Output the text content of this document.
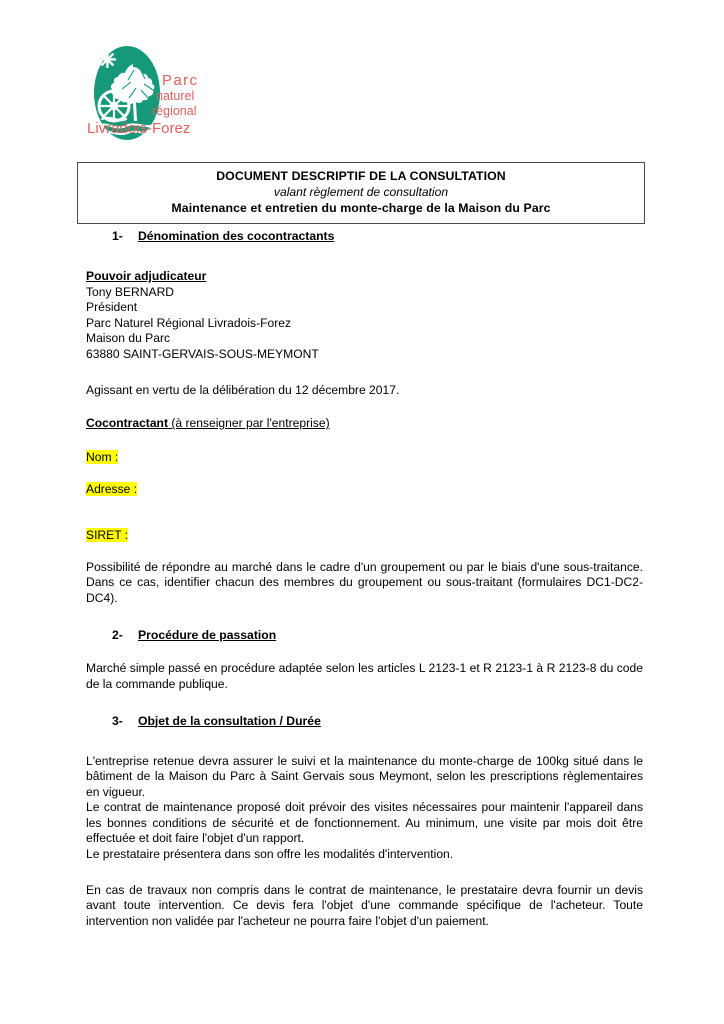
Parc
naturel
régional
Livradois-Forez
DOCUMENT DESCRIPTIF DE LA CONSULTATION
valant règlement de consultation
Maintenance et entretien du monte-charge de la Maison du Parc
1- Dénomination des cocontractants

Pouvoir adjudicateur

Tony BERNARD

Président

Parc Naturel Régional Livradois-Forez

Maison du Parc

63880 SAINT-GERVAIS-SOUS-MEYMONT

Agissant en vertu de la délibération du 12 décembre 2017.

Cocontractant (à renseigner par l'entreprise)

Nom :

Adresse :

SIRET :

Possibilité de répondre au marché dans le cadre d'un groupement ou par le biais d'une sous-traitance. Dans ce cas, identifier chacun des membres du groupement ou sous-traitant (formulaires DC1-DC2-DC4).

2- Procédure de passation

Marché simple passé en procédure adaptée selon les articles L 2123-1 et R 2123-1 à R 2123-8 du code de la commande publique.

3- Objet de la consultation / Durée

L'entreprise retenue devra assurer le suivi et la maintenance du monte-charge de 100kg situé dans le bâtiment de la Maison du Parc à Saint Gervais sous Meymont, selon les prescriptions règlementaires en vigueur.

Le contrat de maintenance proposé doit prévoir des visites nécessaires pour maintenir l'appareil dans les bonnes conditions de sécurité et de fonctionnement. Au minimum, une visite par mois doit être effectuée et doit faire l'objet d'un rapport.

Le prestataire présentera dans son offre les modalités d'intervention.

En cas de travaux non compris dans le contrat de maintenance, le prestataire devra fournir un devis avant toute intervention. Ce devis fera l'objet d'une commande spécifique de l'acheteur. Toute intervention non validée par l'acheteur ne pourra faire l'objet d'un paiement.
